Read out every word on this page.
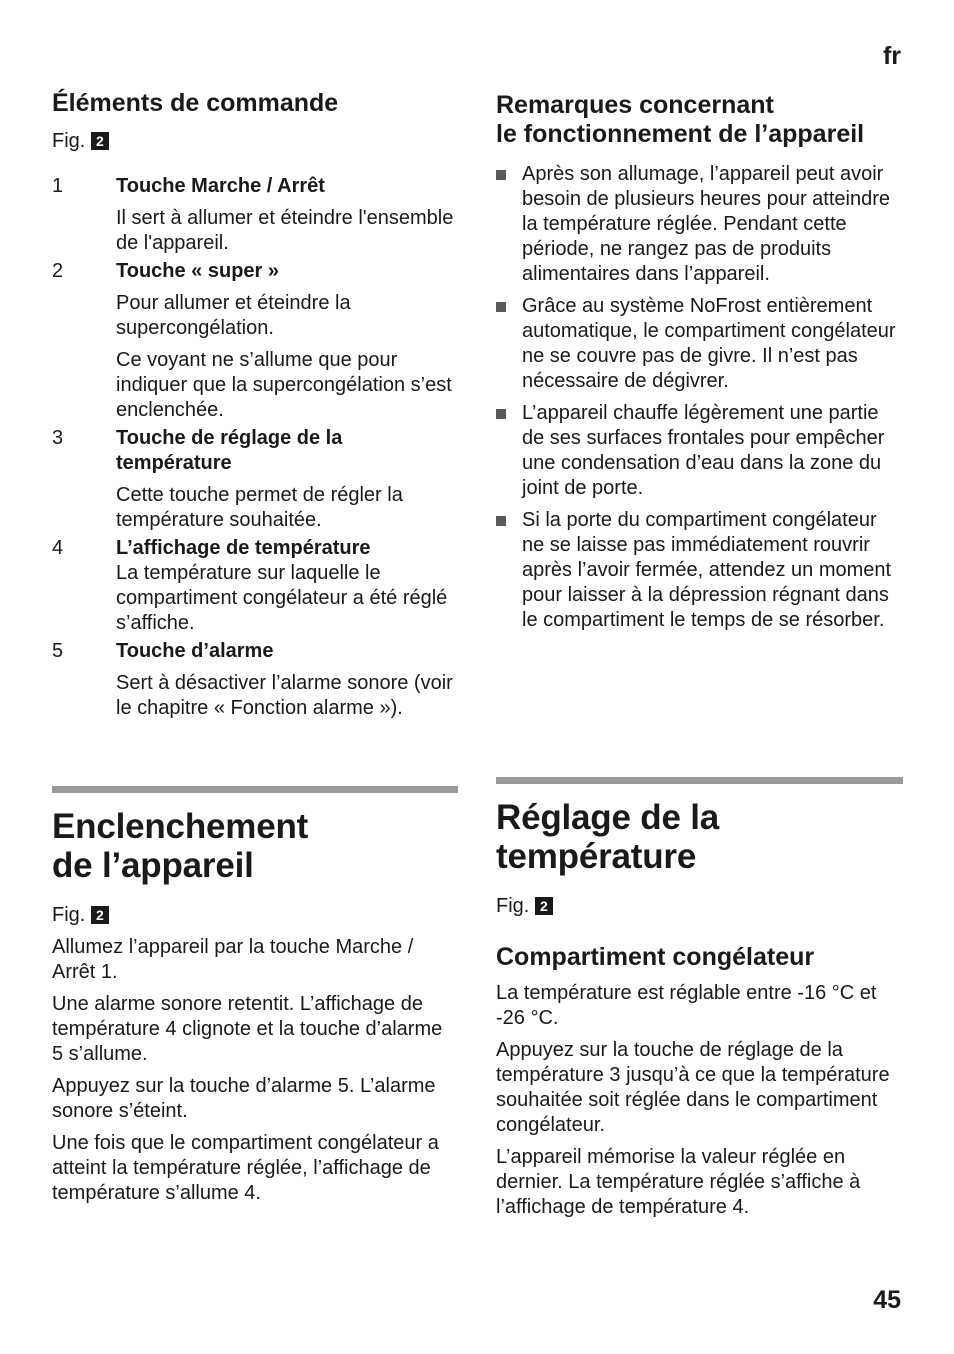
fr
Éléments de commande
Fig. 2
1	Touche Marche / Arrêt
Il sert à allumer et éteindre l'ensemble de l'appareil.
2	Touche « super »
Pour allumer et éteindre la supercongélation.
Ce voyant ne s’allume que pour indiquer que la supercongélation s’est enclenchée.
3	Touche de réglage de la température
Cette touche permet de régler la température souhaitée.
4	L’affichage de température
La température sur laquelle le compartiment congélateur a été réglé s’affiche.
5	Touche d’alarme
Sert à désactiver l’alarme sonore (voir le chapitre « Fonction alarme »).
Enclenchement
de l’appareil
Fig. 2
Allumez l’appareil par la touche Marche / Arrêt 1.
Une alarme sonore retentit. L’affichage de température 4 clignote et la touche d’alarme 5 s’allume.
Appuyez sur la touche d’alarme 5. L’alarme sonore s’éteint.
Une fois que le compartiment congélateur a atteint la température réglée, l’affichage de température s’allume 4.
Remarques concernant
le fonctionnement de l’appareil
Après son allumage, l’appareil peut avoir besoin de plusieurs heures pour atteindre la température réglée. Pendant cette période, ne rangez pas de produits alimentaires dans l’appareil.
Grâce au système NoFrost entièrement automatique, le compartiment congélateur ne se couvre pas de givre. Il n’est pas nécessaire de dégivrer.
L’appareil chauffe légèrement une partie de ses surfaces frontales pour empêcher une condensation d’eau dans la zone du joint de porte.
Si la porte du compartiment congélateur ne se laisse pas immédiatement rouvrir après l’avoir fermée, attendez un moment pour laisser à la dépression régnant dans le compartiment le temps de se résorber.
Réglage de la
température
Fig. 2
Compartiment congélateur
La température est réglable entre -16 °C et -26 °C.
Appuyez sur la touche de réglage de la température 3 jusqu’à ce que la température souhaitée soit réglée dans le compartiment congélateur.
L’appareil mémorise la valeur réglée en dernier. La température réglée s’affiche à l’affichage de température 4.
45
